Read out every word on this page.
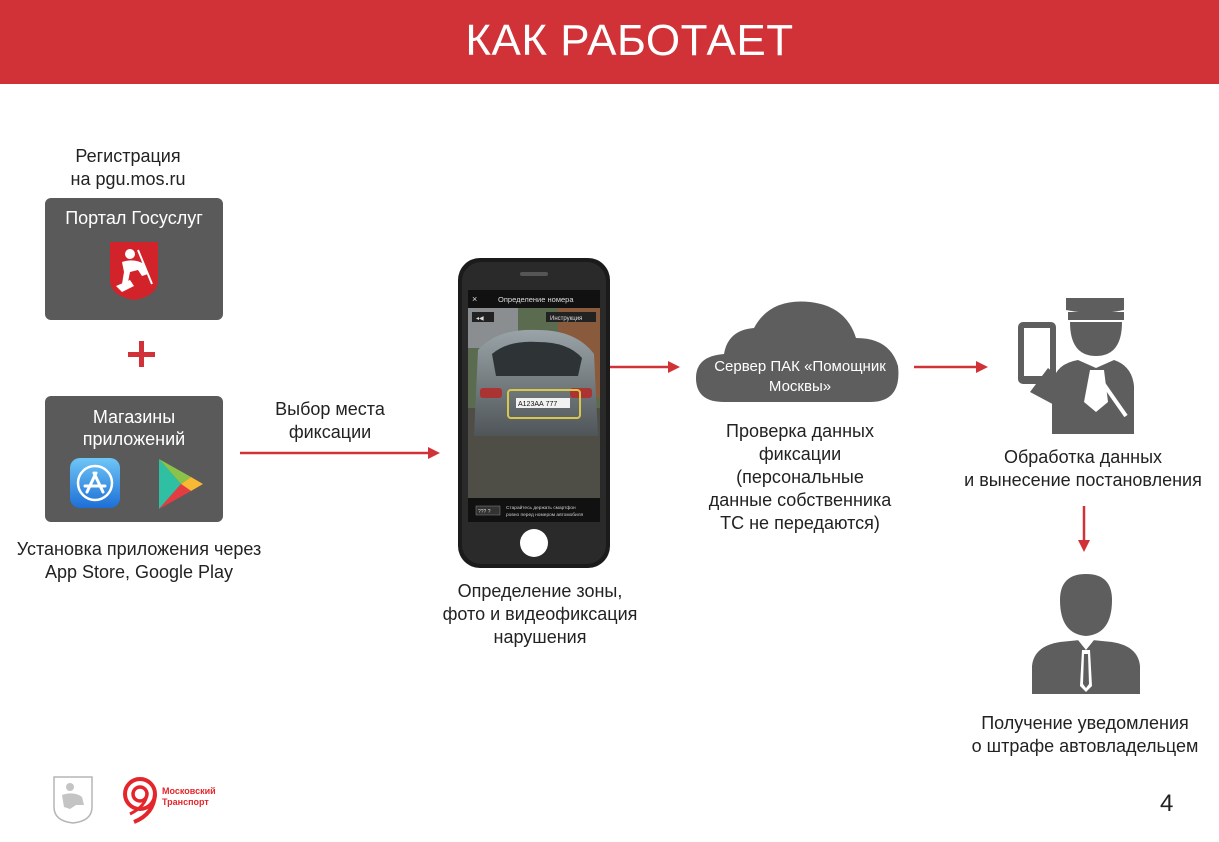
КАК РАБОТАЕТ
Регистрация
на pgu.mos.ru
Портал Госуслуг
Магазины
приложений
Установка приложения через
App Store, Google Play
Выбор места
фиксации
Определение номера
×
◂◀	Инструкция
А123АА 777
??? ?
Старайтесь держать смартфон
ровно перед номером автомобиля
Определение зоны,
фото и видеофиксация
нарушения
Сервер ПАК «Помощник
Москвы»
Проверка данных
фиксации
(персональные
данные собственника
ТС не передаются)
Обработка данных
и вынесение постановления
Получение уведомления
о штрафе автовладельцем
Московский
Транспорт	4
